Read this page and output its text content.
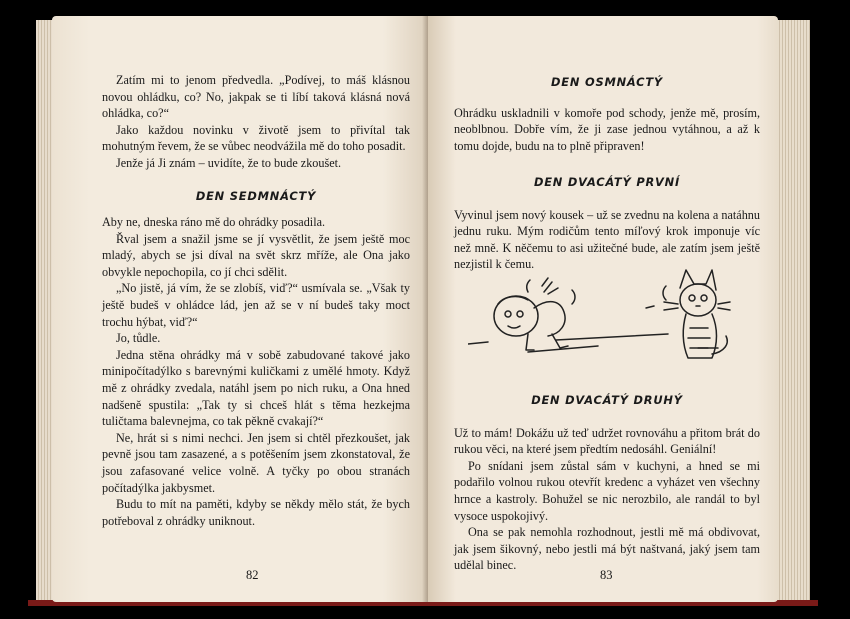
Zatím mi to jenom předvedla. „Podívej, to máš klásnou novou ohládku, co? No, jakpak se ti líbí taková klásná nová ohládka, co?“

Jako každou novinku v životě jsem to přivítal tak mohutným řevem, že se vůbec neodvážila mě do toho posadit.

Jenže já Ji znám – uvidíte, že to bude zkoušet.

DEN SEDMNÁCTÝ

Aby ne, dneska ráno mě do ohrádky posadila.

Řval jsem a snažil jsme se jí vysvětlit, že jsem ještě moc mladý, abych se jsi díval na svět skrz mříže, ale Ona jako obvykle nepochopila, co jí chci sdělit.

„No jistě, já vím, že se zlobíš, viď?“ usmívala se. „Však ty ještě budeš v ohládce lád, jen až se v ní budeš taky moct trochu hýbat, viď?“

Jo, tůdle.

Jedna stěna ohrádky má v sobě zabudované takové jako minipočítadýlko s barevnými kuličkami z umělé hmoty. Když mě z ohrádky zvedala, natáhl jsem po nich ruku, a Ona hned nadšeně spustila: „Tak ty si chceš hlát s těma hezkejma tuličtama balevnejma, co tak pěkně cvakají?“

Ne, hrát si s nimi nechci. Jen jsem si chtěl přezkoušet, jak pevně jsou tam zasazené, a s potěšením jsem zkonstatoval, že jsou zafasované velice volně. A tyčky po obou stranách počítadýlka jakbysmet.

Budu to mít na paměti, kdyby se někdy mělo stát, že bych potřeboval z ohrádky uniknout.

82
DEN OSMNÁCTÝ

Ohrádku uskladnili v komoře pod schody, jenže mě, prosím, neoblbnou. Dobře vím, že ji zase jednou vytáhnou, a až k tomu dojde, budu na to plně připraven!

DEN DVACÁTÝ PRVNÍ

Vyvinul jsem nový kousek – už se zvednu na kolena a natáhnu jednu ruku. Mým rodičům tento míľový krok imponuje víc než mně. K něčemu to asi užitečné bude, ale zatím jsem ještě nezjistil k čemu.

DEN DVACÁTÝ DRUHÝ

Už to mám! Dokážu už teď udržet rovnováhu a přitom brát do rukou věci, na které jsem předtím nedosáhl. Geniální!

Po snídani jsem zůstal sám v kuchyni, a hned se mi podařilo volnou rukou otevřít kredenc a vyházet ven všechny hrnce a kastroly. Bohužel se nic nerozbilo, ale randál to byl vysoce uspokojivý.

Ona se pak nemohla rozhodnout, jestli mě má obdivovat, jak jsem šikovný, nebo jestli má být naštvaná, jaký jsem tam udělal binec.

83
